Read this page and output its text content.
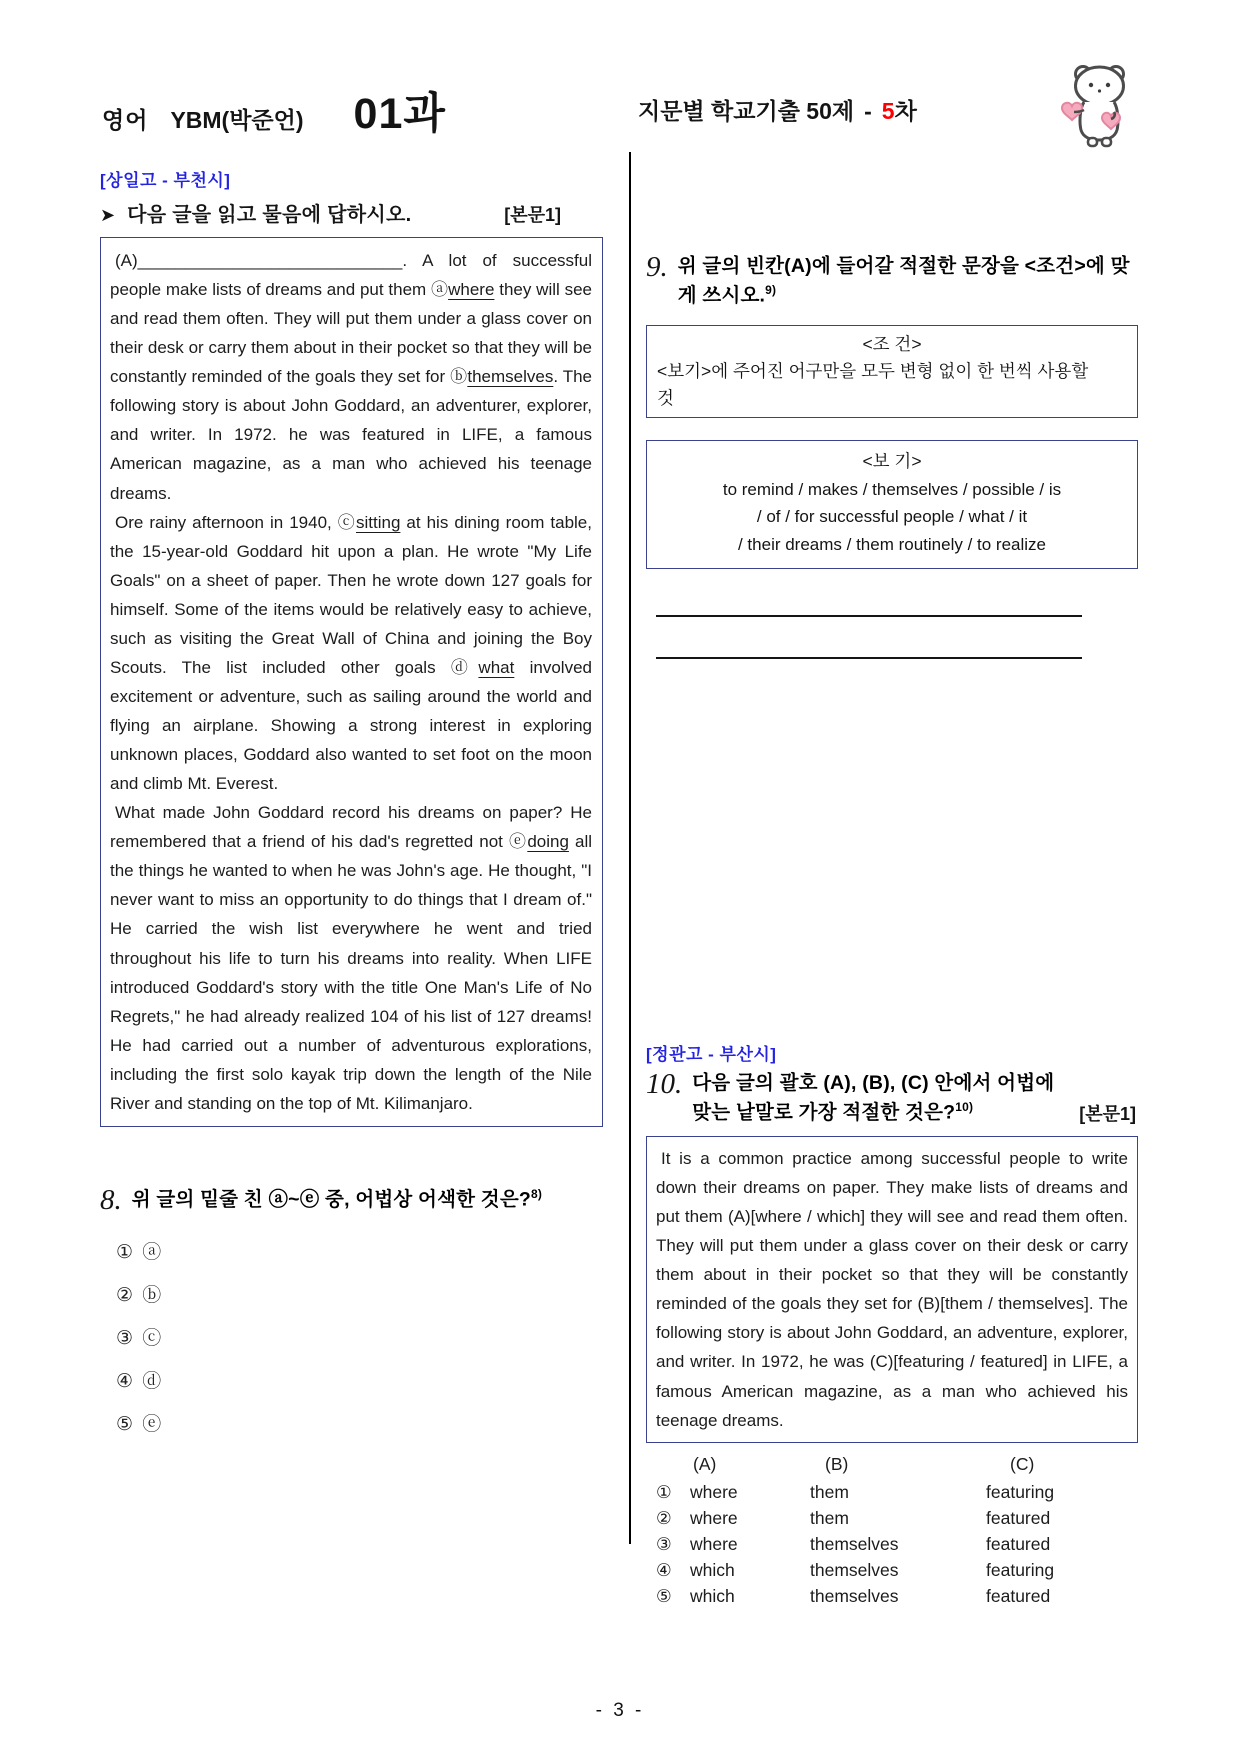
영어 YBM(박준언) 01과	지문별 학교기출 50제 - 5 차
[상일고 - 부천시]
➤ 다음 글을 읽고 물음에 답하시오.	[본문1]

(A)____________________________. A lot of successful people make lists of dreams and put them ⓐwhere they will see and read them often. They will put them under a glass cover on their desk or carry them about in their pocket so that they will be constantly reminded of the goals they set for ⓑthemselves. The following story is about John Goddard, an adventurer, explorer, and writer. In 1972. he was featured in LIFE, a famous American magazine, as a man who achieved his teenage dreams.

Ore rainy afternoon in 1940, ⓒsitting at his dining room table, the 15-year-old Goddard hit upon a plan. He wrote "My Life Goals" on a sheet of paper. Then he wrote down 127 goals for himself. Some of the items would be relatively easy to achieve, such as visiting the Great Wall of China and joining the Boy Scouts. The list included other goals ⓓwhat involved excitement or adventure, such as sailing around the world and flying an airplane. Showing a strong interest in exploring unknown places, Goddard also wanted to set foot on the moon and climb Mt. Everest.

What made John Goddard record his dreams on paper? He remembered that a friend of his dad's regretted not ⓔdoing all the things he wanted to when he was John's age. He thought, "I never want to miss an opportunity to do things that I dream of." He carried the wish list everywhere he went and tried throughout his life to turn his dreams into reality. When LIFE introduced Goddard's story with the title One Man's Life of No Regrets," he had already realized 104 of his list of 127 dreams! He had carried out a number of adventurous explorations, including the first solo kayak trip down the length of the Nile River and standing on the top of Mt. Kilimanjaro.

8. 위 글의 밑줄 친 ⓐ~ⓔ 중, 어법상 어색한 것은?$^{8)}$
① ⓐ
② ⓑ
③ ⓒ
④ ⓓ
⑤ ⓔ
9. 위 글의 빈칸(A)에 들어갈 적절한 문장을 <조건>에 맞게 쓰시오.$^{9)}$
<조 건>
<보기>에 주어진 어구만을 모두 변형 없이 한 번씩 사용할
것
<보 기>
to remind / makes / themselves / possible / is
/ of / for successful people / what / it
/ their dreams / them routinely / to realize
[정관고 - 부산시]
10. 다음 글의 괄호 (A), (B), (C) 안에서 어법에 맞는 낱말로 가장 적절한 것은?$^{10)}$	[본문1]

It is a common practice among successful people to write down their dreams on paper. They make lists of dreams and put them (A)[where / which] they will see and read them often. They will put them under a glass cover on their desk or carry them about in their pocket so that they will be constantly reminded of the goals they set for (B)[them / themselves]. The following story is about John Goddard, an adventure, explorer, and writer. In 1972, he was (C)[featuring / featured] in LIFE, a famous American magazine, as a man who achieved his teenage dreams.

(A)	(B)	(C)
①	where	them	featuring
②	where	them	featured
③	where	themselves	featured
④	which	themselves	featuring
⑤	which	themselves	featured
- 3 -
